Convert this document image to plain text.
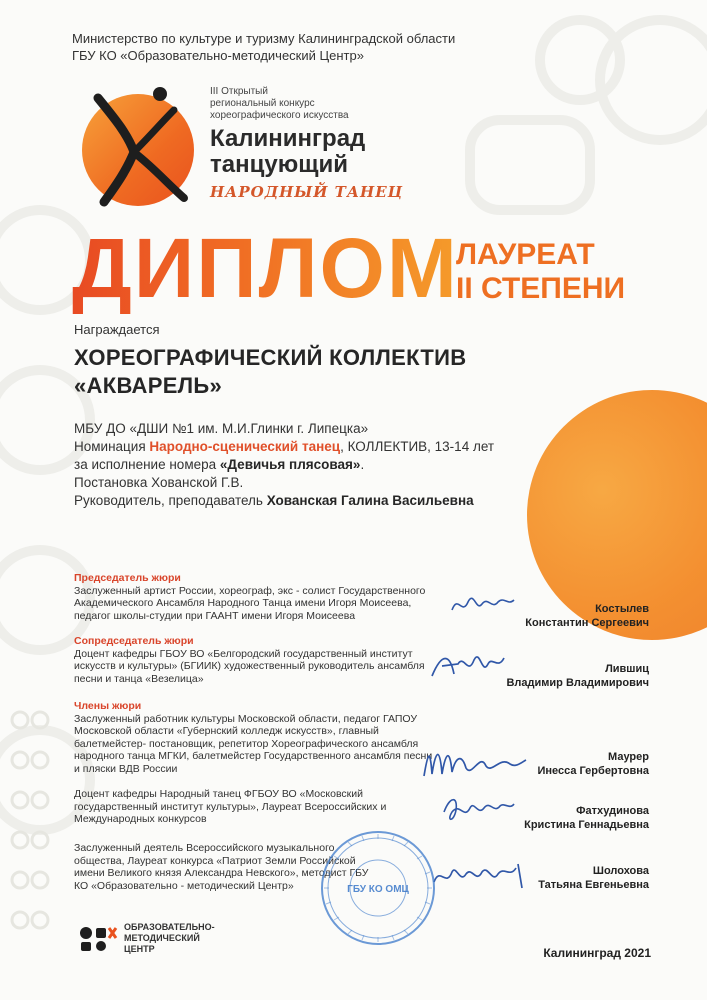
Министерство по культуре и туризму Калининградской области
ГБУ КО «Образовательно-методический Центр»
III Открытый
региональный конкурс
хореографического искусства
Калининград
танцующий
НАРОДНЫЙ ТАНЕЦ
ДИПЛОМ
ЛАУРЕАТ
II СТЕПЕНИ
Награждается
ХОРЕОГРАФИЧЕСКИЙ КОЛЛЕКТИВ
«АКВАРЕЛЬ»
МБУ ДО «ДШИ №1 им. М.И.Глинки г. Липецка»
Номинация Народно-сценический танец, КОЛЛЕКТИВ, 13-14 лет
за исполнение номера «Девичья плясовая».
Постановка Хованской Г.В.
Руководитель, преподаватель Хованская Галина Васильевна
Председатель жюри
Заслуженный артист России, хореограф, экс - солист Государственного Академического Ансамбля Народного Танца имени Игоря Моисеева, педагог школы-студии при ГААНТ имени Игоря Моисеева
Костылев
Константин Сергеевич
Сопредседатель жюри
Доцент кафедры ГБОУ ВО «Белгородский государственный институт искусств и культуры» (БГИИК) художественный руководитель ансамбля песни и танца «Везелица»
Лившиц
Владимир Владимирович
Члены жюри
Заслуженный работник культуры Московской области, педагог ГАПОУ Московской области «Губернский колледж искусств», главный балетмейстер- постановщик, репетитор Хореографического ансамбля народного танца МГКИ, балетмейстер Государственного ансамбля песни и пляски ВДВ России
Маурер
Инесса Гербертовна
Доцент кафедры Народный танец ФГБОУ ВО «Московский государственный институт культуры», Лауреат Всероссийских и Международных конкурсов
Фатхудинова
Кристина Геннадьевна
Заслуженный деятель Всероссийского музыкального общества, Лауреат конкурса «Патриот Земли Российской имени Великого князя Александра Невского», методист ГБУ КО «Образовательно - методический Центр»
Шолохова
Татьяна Евгеньевна
ГБУ КО ОМЦ
ОБРАЗОВАТЕЛЬНО-
МЕТОДИЧЕСКИЙ
ЦЕНТР	Калининград 2021
